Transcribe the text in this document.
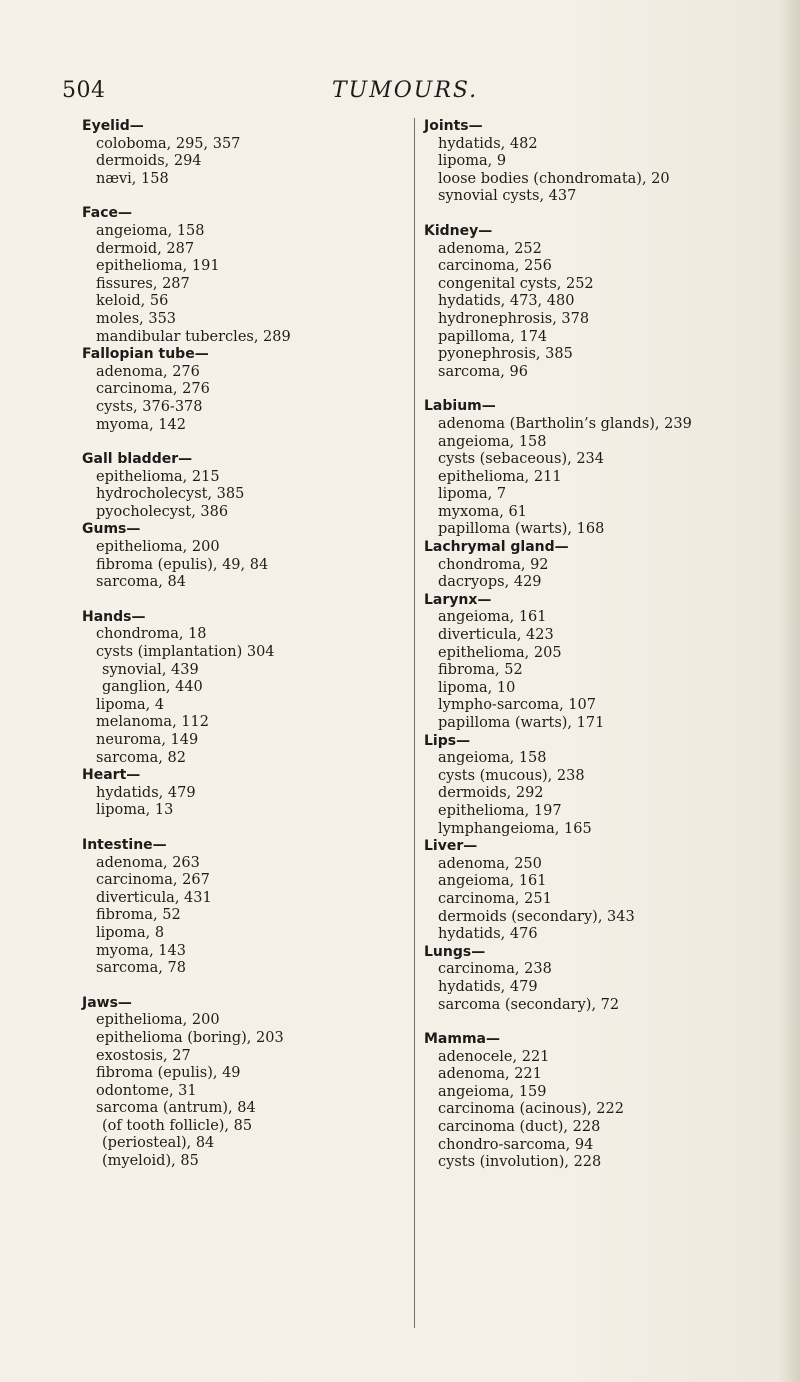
504	TUMOURS.
Eyelid—
coloboma, 295, 357
dermoids, 294
nævi, 158
Face—
angeioma, 158
dermoid, 287
epithelioma, 191
fissures, 287
keloid, 56
moles, 353
mandibular tubercles, 289
Fallopian tube—
adenoma, 276
carcinoma, 276
cysts, 376-378
myoma, 142
Gall bladder—
epithelioma, 215
hydrocholecyst, 385
pyocholecyst, 386
Gums—
epithelioma, 200
fibroma (epulis), 49, 84
sarcoma, 84
Hands—
chondroma, 18
cysts (implantation) 304
synovial, 439
ganglion, 440
lipoma, 4
melanoma, 112
neuroma, 149
sarcoma, 82
Heart—
hydatids, 479
lipoma, 13
Intestine—
adenoma, 263
carcinoma, 267
diverticula, 431
fibroma, 52
lipoma, 8
myoma, 143
sarcoma, 78
Jaws—
epithelioma, 200
epithelioma (boring), 203
exostosis, 27
fibroma (epulis), 49
odontome, 31
sarcoma (antrum), 84
(of tooth follicle), 85
(periosteal), 84
(myeloid), 85
Joints—
hydatids, 482
lipoma, 9
loose bodies (chondromata), 20
synovial cysts, 437
Kidney—
adenoma, 252
carcinoma, 256
congenital cysts, 252
hydatids, 473, 480
hydronephrosis, 378
papilloma, 174
pyonephrosis, 385
sarcoma, 96
Labium—
adenoma (Bartholin’s glands), 239
angeioma, 158
cysts (sebaceous), 234
epithelioma, 211
lipoma, 7
myxoma, 61
papilloma (warts), 168
Lachrymal gland—
chondroma, 92
dacryops, 429
Larynx—
angeioma, 161
diverticula, 423
epithelioma, 205
fibroma, 52
lipoma, 10
lympho-sarcoma, 107
papilloma (warts), 171
Lips—
angeioma, 158
cysts (mucous), 238
dermoids, 292
epithelioma, 197
lymphangeioma, 165
Liver—
adenoma, 250
angeioma, 161
carcinoma, 251
dermoids (secondary), 343
hydatids, 476
Lungs—
carcinoma, 238
hydatids, 479
sarcoma (secondary), 72
Mamma—
adenocele, 221
adenoma, 221
angeioma, 159
carcinoma (acinous), 222
carcinoma (duct), 228
chondro-sarcoma, 94
cysts (involution), 228
